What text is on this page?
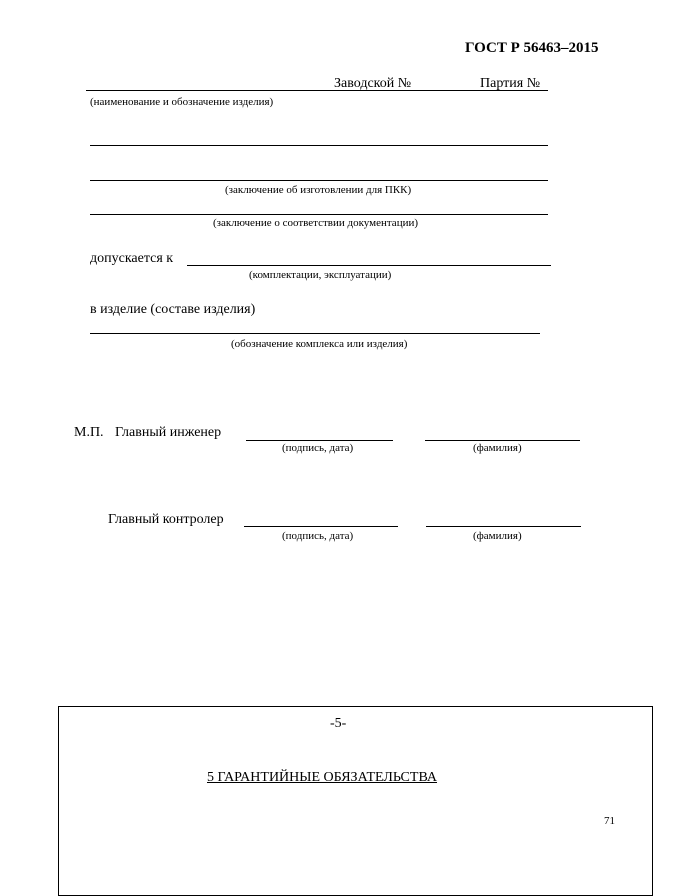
ГОСТ Р 56463–2015
Заводской №	Партия №
(наименование и обозначение изделия)
(заключение об изготовлении для ПКК)
(заключение о соответствии документации)
допускается к
(комплектации, эксплуатации)
в изделие (составе изделия)
(обозначение комплекса или изделия)
М.П. Главный инженер
(подпись, дата)	(фамилия)
Главный контролер
(подпись, дата)	(фамилия)
-5-
5 ГАРАНТИЙНЫЕ ОБЯЗАТЕЛЬСТВА
71
